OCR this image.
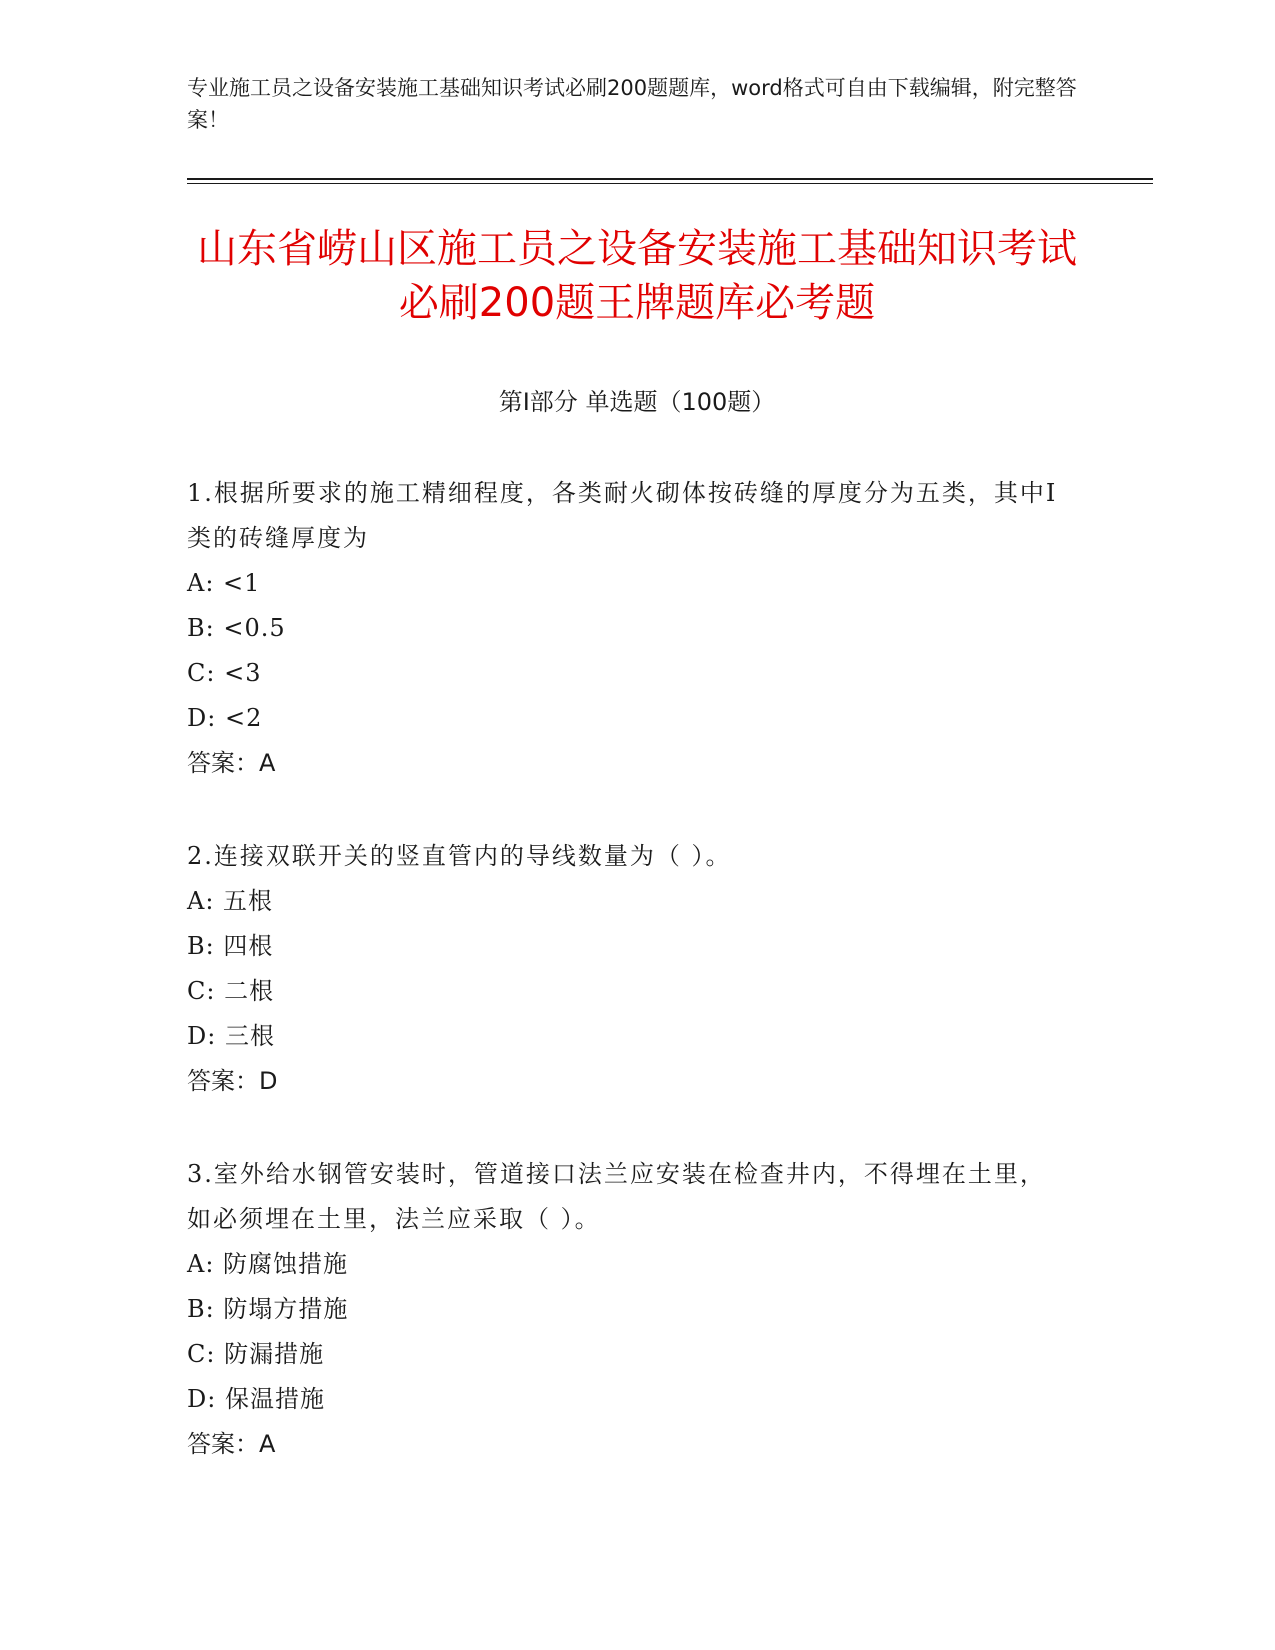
专业施工员之设备安装施工基础知识考试必刷200题题库，word格式可自由下载编辑，附完整答案！
山东省崂山区施工员之设备安装施工基础知识考试必刷200题王牌题库必考题
第Ⅰ部分 单选题（100题）
1.根据所要求的施工精细程度，各类耐火砌体按砖缝的厚度分为五类，其中Ⅰ类的砖缝厚度为
A: <1
B: <0.5
C: <3
D: <2
答案：A
2.连接双联开关的竖直管内的导线数量为（ ）。
A: 五根
B: 四根
C: 二根
D: 三根
答案：D
3.室外给水钢管安装时，管道接口法兰应安装在检查井内，不得埋在土里，如必须埋在土里，法兰应采取（ ）。
A: 防腐蚀措施
B: 防塌方措施
C: 防漏措施
D: 保温措施
答案：A
